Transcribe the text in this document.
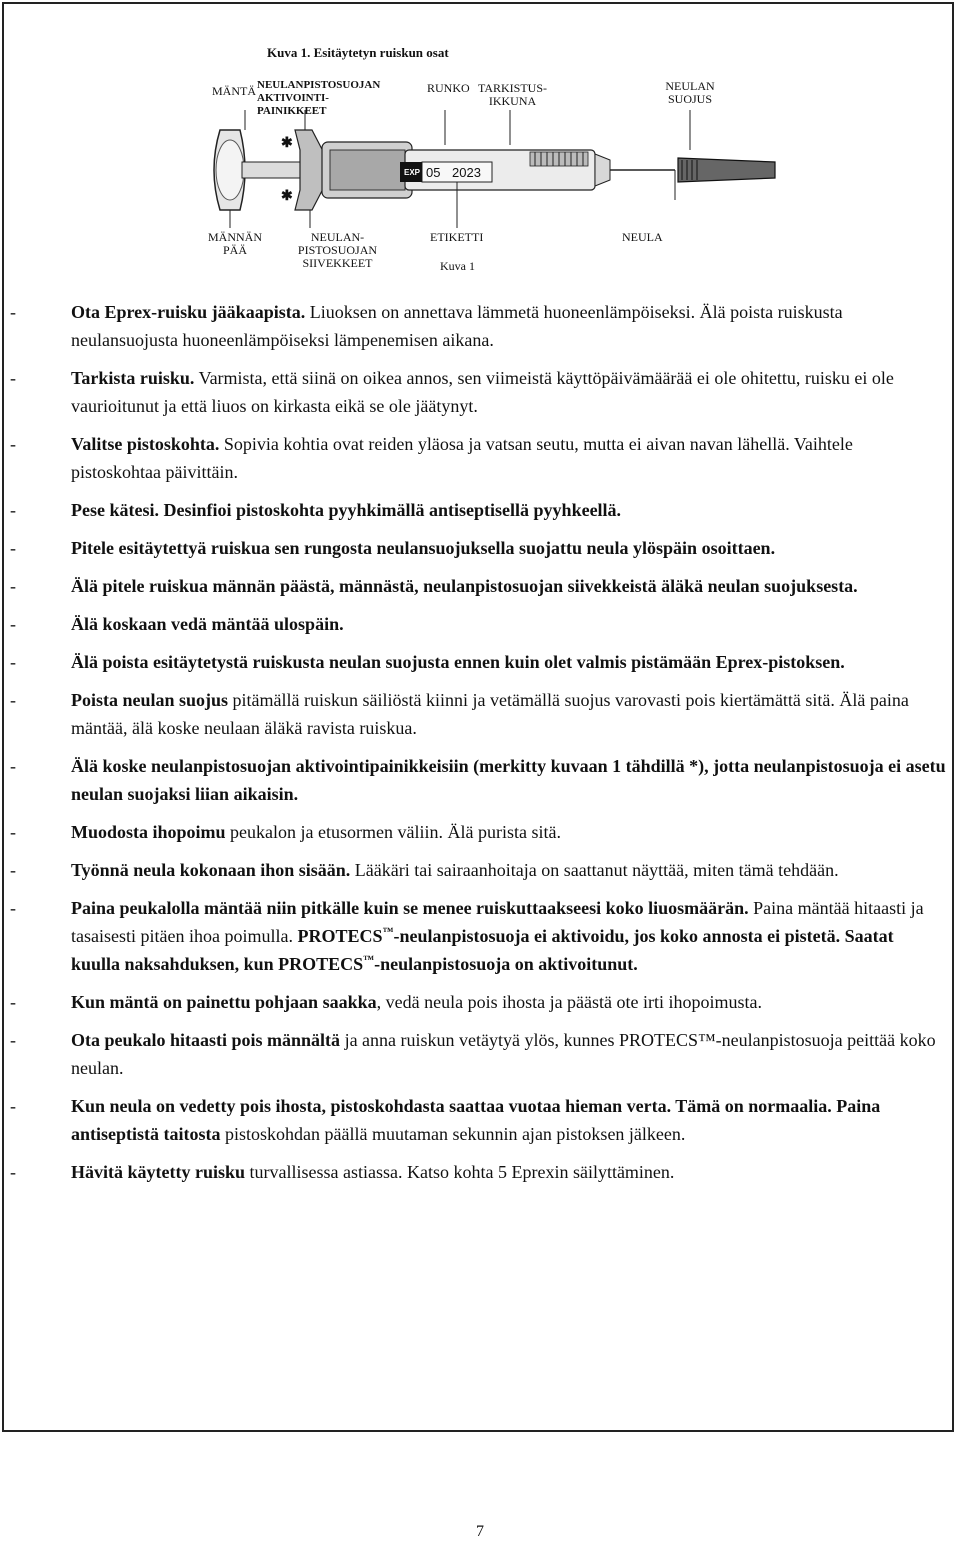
Kuva 1. Esitäytetyn ruiskun osat
MÄNTÄ NEULANPISTOSUOJAN AKTIVOINTI-PAINIKKEET
RUNKO TARKISTUS-IKKUNA
NEULAN SUOJUS
✱
✱
EXP 05 2023
MÄNNÄN PÄÄ
NEULAN-PISTOSUOJAN SIIVEKKEET
ETIKETTI	NEULA
Kuva 1
-	Ota Eprex-ruisku jääkaapista. Liuoksen on annettava lämmetä huoneenlämpöiseksi. Älä poista ruiskusta neulansuojusta huoneenlämpöiseksi lämpenemisen aikana.
-	Tarkista ruisku. Varmista, että siinä on oikea annos, sen viimeistä käyttöpäivämäärää ei ole ohitettu, ruisku ei ole vaurioitunut ja että liuos on kirkasta eikä se ole jäätynyt.
-	Valitse pistoskohta. Sopivia kohtia ovat reiden yläosa ja vatsan seutu, mutta ei aivan navan lähellä. Vaihtele pistoskohtaa päivittäin.
-	Pese kätesi. Desinfioi pistoskohta pyyhkimällä antiseptisellä pyyhkeellä.
-	Pitele esitäytettyä ruiskua sen rungosta neulansuojuksella suojattu neula ylöspäin osoittaen.
-	Älä pitele ruiskua männän päästä, männästä, neulanpistosuojan siivekkeistä äläkä neulan suojuksesta.
-	Älä koskaan vedä mäntää ulospäin.
-	Älä poista esitäytetystä ruiskusta neulan suojusta ennen kuin olet valmis pistämään Eprex-pistoksen.
-	Poista neulan suojus pitämällä ruiskun säiliöstä kiinni ja vetämällä suojus varovasti pois kiertämättä sitä. Älä paina mäntää, älä koske neulaan äläkä ravista ruiskua.
-	Älä koske neulanpistosuojan aktivointipainikkeisiin (merkitty kuvaan 1 tähdillä *), jotta neulanpistosuoja ei asetu neulan suojaksi liian aikaisin.
-	Muodosta ihopoimu peukalon ja etusormen väliin. Älä purista sitä.
-	Työnnä neula kokonaan ihon sisään. Lääkäri tai sairaanhoitaja on saattanut näyttää, miten tämä tehdään.
-	Paina peukalolla mäntää niin pitkälle kuin se menee ruiskuttaakseesi koko liuosmäärän. Paina mäntää hitaasti ja tasaisesti pitäen ihoa poimulla. PROTECS™-neulanpistosuoja ei aktivoidu, jos koko annosta ei pistetä. Saatat kuulla naksahduksen, kun PROTECS™-neulanpistosuoja on aktivoitunut.
-	Kun mäntä on painettu pohjaan saakka, vedä neula pois ihosta ja päästä ote irti ihopoimusta.
-	Ota peukalo hitaasti pois männältä ja anna ruiskun vetäytyä ylös, kunnes PROTECS™-neulanpistosuoja peittää koko neulan.
-	Kun neula on vedetty pois ihosta, pistoskohdasta saattaa vuotaa hieman verta. Tämä on normaalia. Paina antiseptistä taitosta pistoskohdan päällä muutaman sekunnin ajan pistoksen jälkeen.
-	Hävitä käytetty ruisku turvallisessa astiassa. Katso kohta 5 Eprexin säilyttäminen.
7
